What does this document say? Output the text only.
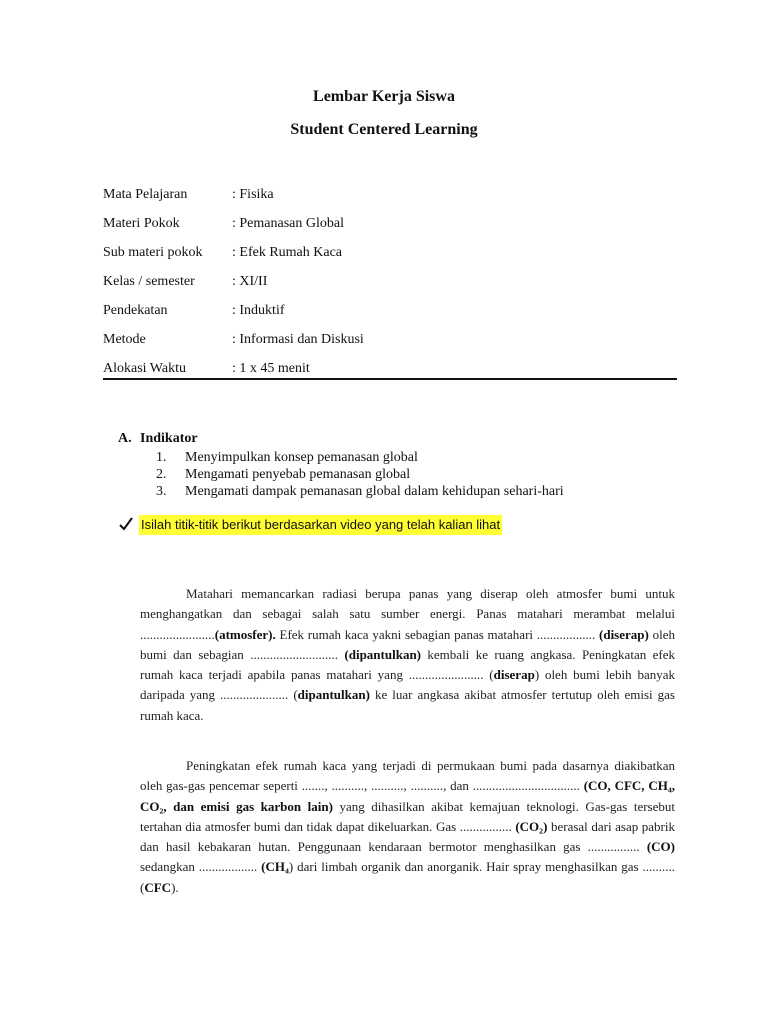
Lembar Kerja Siswa
Student Centered Learning
Mata Pelajaran	: Fisika
Materi Pokok	: Pemanasan Global
Sub materi pokok : Efek Rumah Kaca
Kelas / semester	: XI/II
Pendekatan	: Induktif
Metode	: Informasi dan Diskusi
Alokasi Waktu	: 1 x 45 menit
A. Indikator
1. Menyimpulkan konsep pemanasan global
2. Mengamati penyebab pemanasan global
3. Mengamati dampak pemanasan global dalam kehidupan sehari-hari
Isilah titik-titik berikut berdasarkan video yang telah kalian lihat

Matahari memancarkan radiasi berupa panas yang diserap oleh atmosfer bumi untuk menghangatkan dan sebagai salah satu sumber energi. Panas matahari merambat melalui .......................(atmosfer). Efek rumah kaca yakni sebagian panas matahari .................. (diserap) oleh bumi dan sebagian ........................... (dipantulkan) kembali ke ruang angkasa. Peningkatan efek rumah kaca terjadi apabila panas matahari yang ....................... (diserap) oleh bumi lebih banyak daripada yang ..................... (dipantulkan) ke luar angkasa akibat atmosfer tertutup oleh emisi gas rumah kaca.

Peningkatan efek rumah kaca yang terjadi di permukaan bumi pada dasarnya diakibatkan oleh gas-gas pencemar seperti ......., .........., .........., .........., dan ................................. (CO, CFC, CH₄, CO₂, dan emisi gas karbon lain) yang dihasilkan akibat kemajuan teknologi. Gas-gas tersebut tertahan dia atmosfer bumi dan tidak dapat dikeluarkan. Gas ................ (CO₂) berasal dari asap pabrik dan hasil kebakaran hutan. Penggunaan kendaraan bermotor menghasilkan gas ................ (CO) sedangkan .................. (CH₄) dari limbah organik dan anorganik. Hair spray menghasilkan gas .......... (CFC).
